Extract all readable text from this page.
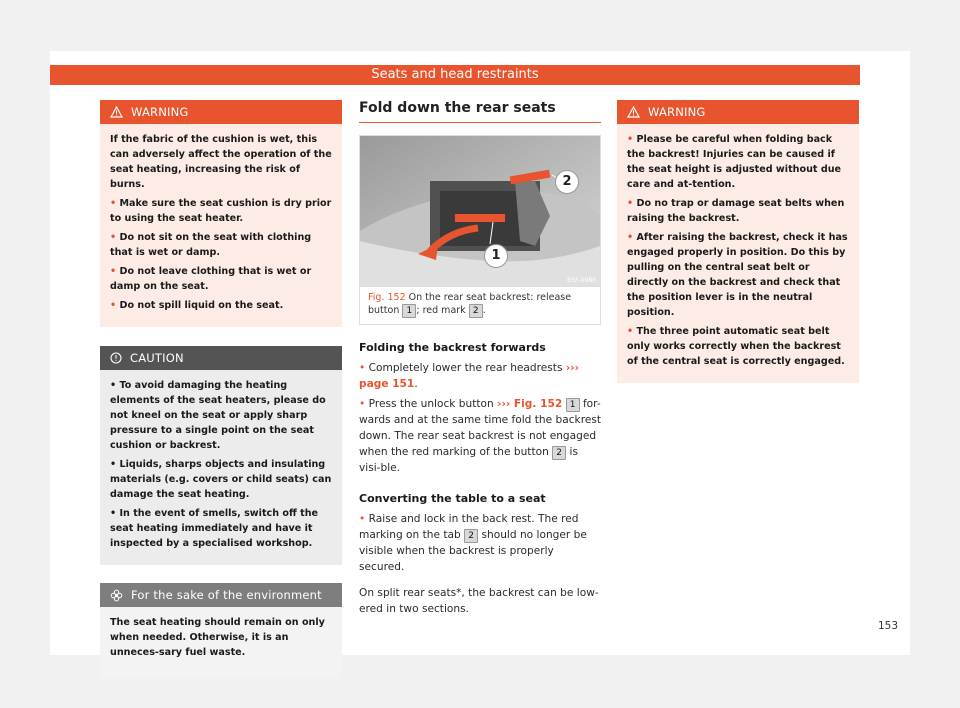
Seats and head restraints
WARNING

If the fabric of the cushion is wet, this can adversely affect the operation of the seat heating, increasing the risk of burns.

• Make sure the seat cushion is dry prior to using the seat heater.

• Do not sit on the seat with clothing that is wet or damp.

• Do not leave clothing that is wet or damp on the seat.

• Do not spill liquid on the seat.

CAUTION

• To avoid damaging the heating elements of the seat heaters, please do not kneel on the seat or apply sharp pressure to a single point on the seat cushion or backrest.

• Liquids, sharps objects and insulating materials (e.g. covers or child seats) can damage the seat heating.

• In the event of smells, switch off the seat heating immediately and have it inspected by a specialised workshop.

For the sake of the environment

The seat heating should remain on only when needed. Otherwise, it is an unneces-sary fuel waste.

Fold down the rear seats
2
1
B5F-0986
Fig. 152 On the rear seat backrest: release button 1 ; red mark 2 .
Folding the backrest forwards

• Completely lower the rear headrests ››› page 151.

• Press the unlock button ››› Fig. 152 1 for-wards and at the same time fold the backrest down. The rear seat backrest is not engaged when the red marking of the button 2 is visi-ble.

Converting the table to a seat

• Raise and lock in the back rest. The red marking on the tab 2 should no longer be visible when the backrest is properly secured.

On split rear seats*, the backrest can be low-ered in two sections.

WARNING

• Please be careful when folding back the backrest! Injuries can be caused if the seat height is adjusted without due care and at-tention.

• Do no trap or damage seat belts when raising the backrest.

• After raising the backrest, check it has engaged properly in position. Do this by pulling on the central seat belt or directly on the backrest and check that the position lever is in the neutral position.

• The three point automatic seat belt only works correctly when the backrest of the central seat is correctly engaged.

153
